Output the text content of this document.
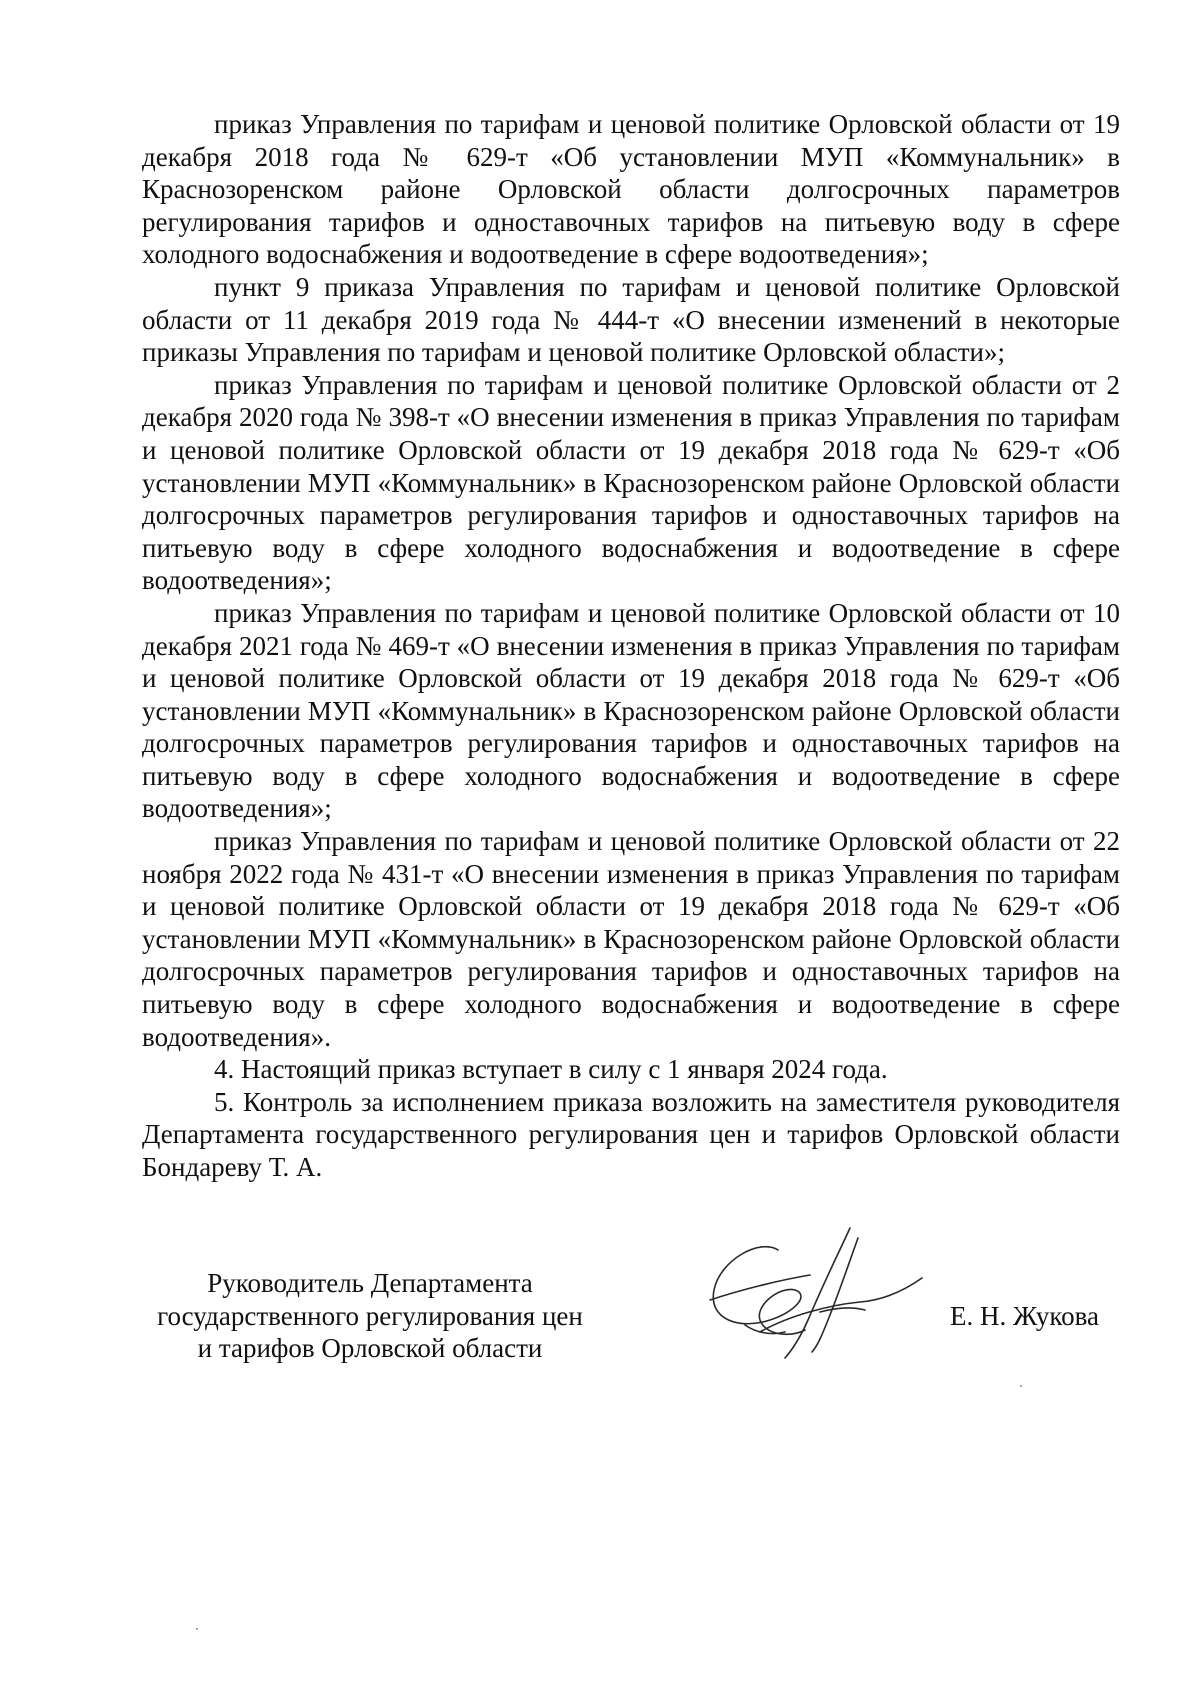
приказ Управления по тарифам и ценовой политике Орловской области от 19 декабря 2018 года № 629-т «Об установлении МУП «Коммунальник» в Краснозоренском районе Орловской области долгосрочных параметров регулирования тарифов и одноставочных тарифов на питьевую воду в сфере холодного водоснабжения и водоотведение в сфере водоотведения»;

пункт 9 приказа Управления по тарифам и ценовой политике Орловской области от 11 декабря 2019 года № 444-т «О внесении изменений в некоторые приказы Управления по тарифам и ценовой политике Орловской области»;

приказ Управления по тарифам и ценовой политике Орловской области от 2 декабря 2020 года № 398-т «О внесении изменения в приказ Управления по тарифам и ценовой политике Орловской области от 19 декабря 2018 года № 629-т «Об установлении МУП «Коммунальник» в Краснозоренском районе Орловской области долгосрочных параметров регулирования тарифов и одноставочных тарифов на питьевую воду в сфере холодного водоснабжения и водоотведение в сфере водоотведения»;

приказ Управления по тарифам и ценовой политике Орловской области от 10 декабря 2021 года № 469-т «О внесении изменения в приказ Управления по тарифам и ценовой политике Орловской области от 19 декабря 2018 года № 629-т «Об установлении МУП «Коммунальник» в Краснозоренском районе Орловской области долгосрочных параметров регулирования тарифов и одноставочных тарифов на питьевую воду в сфере холодного водоснабжения и водоотведение в сфере водоотведения»;

приказ Управления по тарифам и ценовой политике Орловской области от 22 ноября 2022 года № 431-т «О внесении изменения в приказ Управления по тарифам и ценовой политике Орловской области от 19 декабря 2018 года № 629-т «Об установлении МУП «Коммунальник» в Краснозоренском районе Орловской области долгосрочных параметров регулирования тарифов и одноставочных тарифов на питьевую воду в сфере холодного водоснабжения и водоотведение в сфере водоотведения».

4. Настоящий приказ вступает в силу с 1 января 2024 года.

5. Контроль за исполнением приказа возложить на заместителя руководителя Департамента государственного регулирования цен и тарифов Орловской области Бондареву Т. А.

Руководитель Департамента
государственного регулирования цен
и тарифов Орловской области
Е. Н. Жукова
